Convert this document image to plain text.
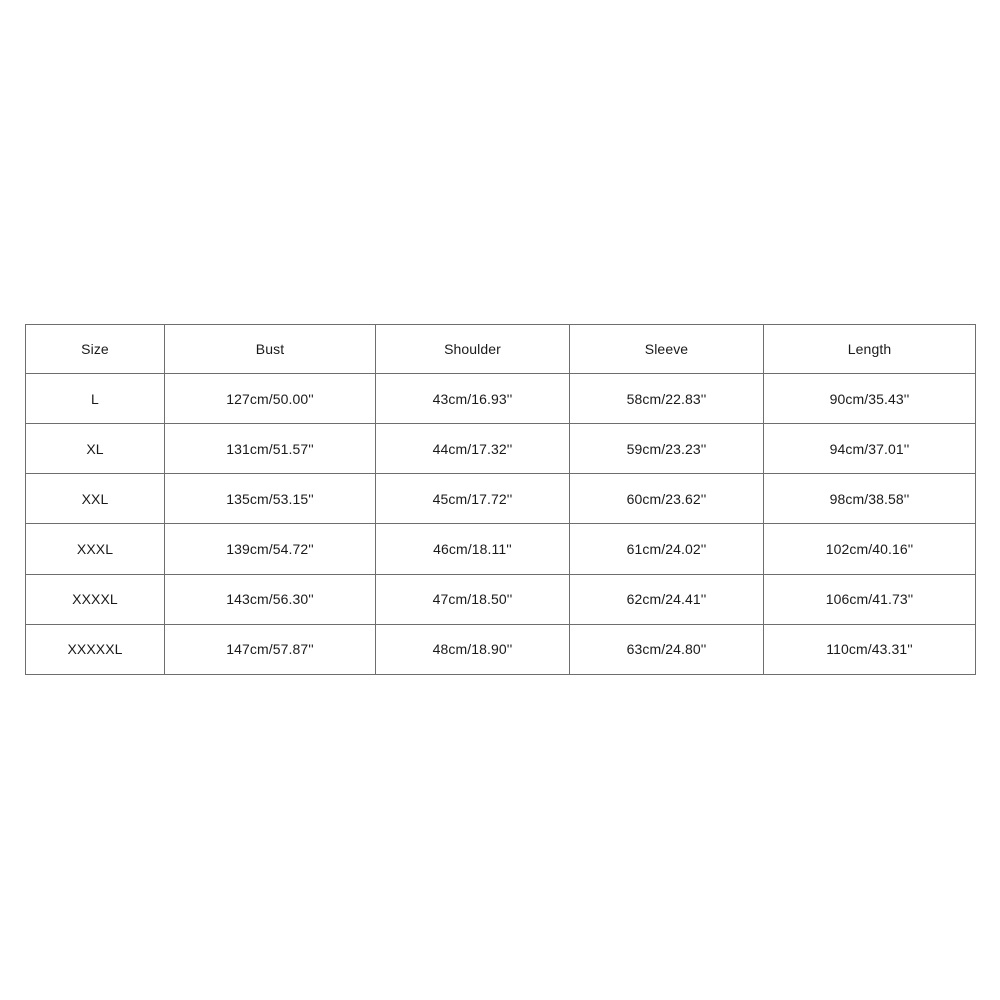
Size	Bust	Shoulder	Sleeve	Length
L	127cm/50.00''	43cm/16.93''	58cm/22.83''	90cm/35.43''
XL	131cm/51.57''	44cm/17.32''	59cm/23.23''	94cm/37.01''
XXL	135cm/53.15''	45cm/17.72''	60cm/23.62''	98cm/38.58''
XXXL	139cm/54.72''	46cm/18.11''	61cm/24.02''	102cm/40.16''
XXXXL	143cm/56.30''	47cm/18.50''	62cm/24.41''	106cm/41.73''
XXXXXL	147cm/57.87''	48cm/18.90''	63cm/24.80''	110cm/43.31''
